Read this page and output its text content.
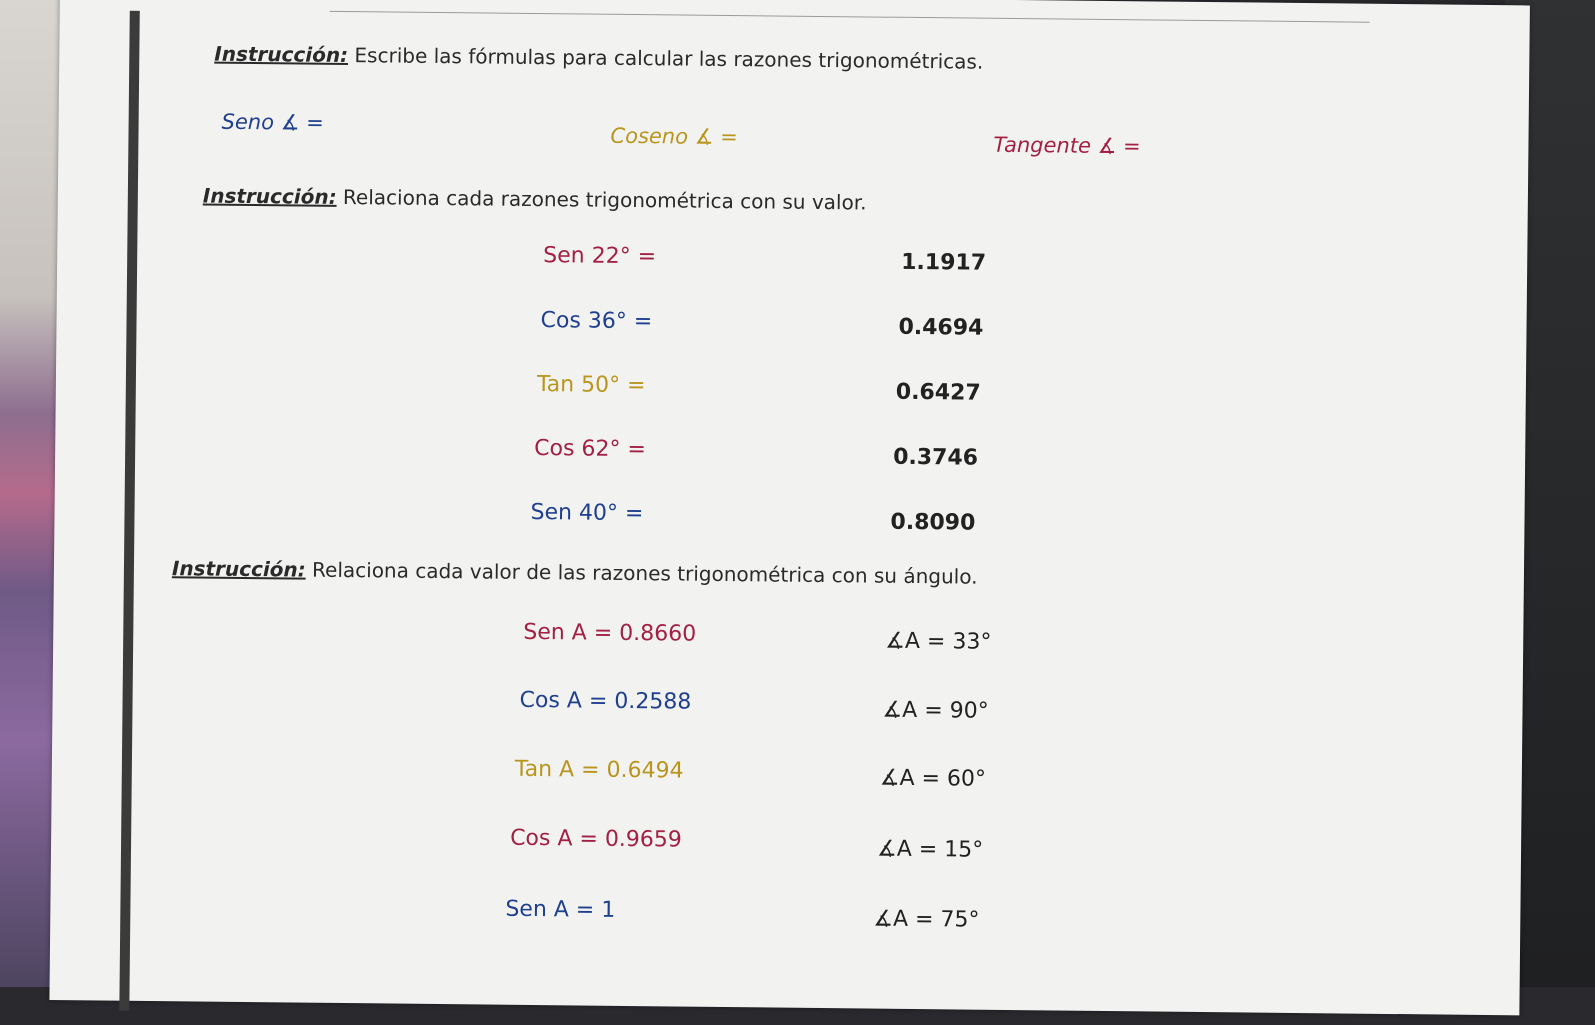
Instrucción: Escribe las fórmulas para calcular las razones trigonométricas.
Seno ∡ =
Coseno ∡ =	Tangente ∡ =
Instrucción: Relaciona cada razones trigonométrica con su valor.
Sen 22° =
Cos 36° =
Tan 50° =
Cos 62° =
Sen 40° =
1.1917
0.4694
0.6427
0.3746
0.8090
Instrucción: Relaciona cada valor de las razones trigonométrica con su ángulo.
Sen A = 0.8660
Cos A = 0.2588
Tan A = 0.6494
Cos A = 0.9659
Sen A = 1
∡A = 33°
∡A = 90°
∡A = 60°
∡A = 15°
∡A = 75°
